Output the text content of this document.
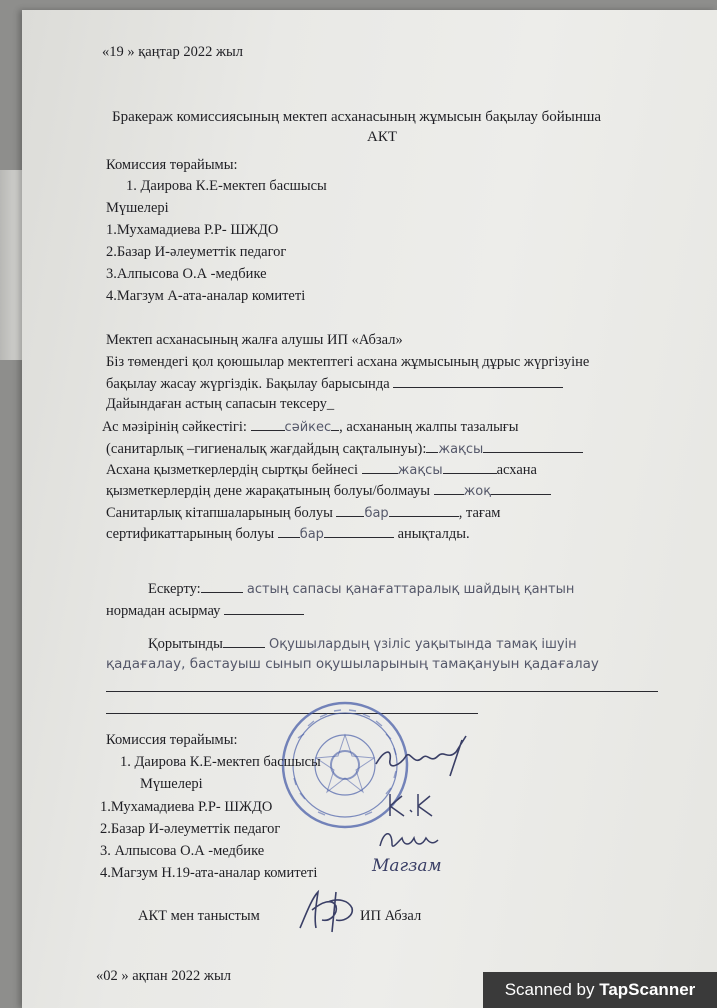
«19 » қаңтар 2022 жыл
Бракераж комиссиясының мектеп асханасының жұмысын бақылау бойынша
АКТ
Комиссия төрайымы:
1. Даирова К.Е-мектеп басшысы
Мүшелері
1.Мухамадиева Р.Р- ШЖДО
2.Базар И-әлеуметтік педагог
3.Алпысова О.А -медбике
4.Магзум А-ата-аналар комитеті
Мектеп асханасының жалға алушы ИП «Абзал»
Біз төмендегі қол қоюшылар мектептегі асхана жұмысының дұрыс жүргізуіне
бақылау жасау жүргіздік. Бақылау барысында
Дайындаған астың сапасын тексеру_
Ас мәзірінің сәйкестігі:	сәйкес , асхананың жалпы тазалығы
(санитарлық –гигиеналық жағдайдың сақталынуы): жақсы
Асхана қызметкерлердің сыртқы бейнесі	жақсы	асхана
қызметкерлердің дене жарақатының болуы/болмауы жоқ
Санитарлық кітапшаларының болуы бар	, тағам
сертификаттарының болуы бар	анықталды.
Ескерту:	астың сапасы қанағаттаралық шайдың қантын
нормадан асырмау
Қорытынды	Оқушылардың үзіліс уақытында тамақ ішуін
қадағалау, бастауыш сынып оқушыларының тамақануын қадағалау
Комиссия төрайымы:
1. Даирова К.Е-мектеп басшысы
Мүшелері
1.Мухамадиева Р.Р- ШЖДО
2.Базар И-әлеуметтік педагог
3. Алпысова О.А -медбике
4.Магзум Н.19-ата-аналар комитеті	Магзам
АКТ мен таныстым	ИП Абзал
«02 » ақпан 2022 жыл
Scanned by TapScanner
